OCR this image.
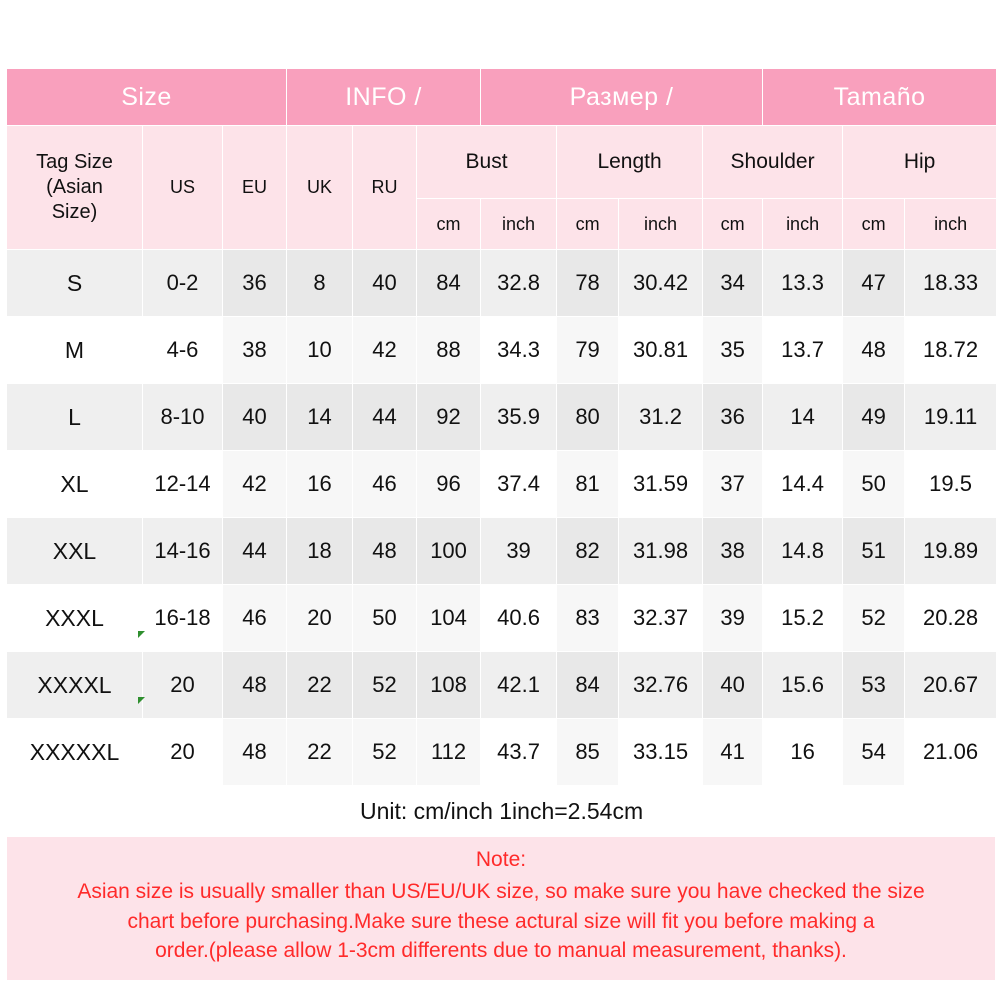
Size			INFO /			Размер /				Tamaño		
Tag Size
(Asian
Size)	US	EU	UK	RU	Bust		Length		Shoulder		Hip	
					cm	inch	cm	inch	cm	inch	cm	inch
S	0-2	36	8	40	84	32.8	78	30.42	34	13.3	47	18.33
M	4-6	38	10	42	88	34.3	79	30.81	35	13.7	48	18.72
L	8-10	40	14	44	92	35.9	80	31.2	36	14	49	19.11
XL	12-14	42	16	46	96	37.4	81	31.59	37	14.4	50	19.5
XXL	14-16	44	18	48	100	39	82	31.98	38	14.8	51	19.89
XXXL	16-18	46	20	50	104	40.6	83	32.37	39	15.2	52	20.28
XXXXL	20	48	22	52	108	42.1	84	32.76	40	15.6	53	20.67
XXXXXL	20	48	22	52	112	43.7	85	33.15	41	16	54	21.06
Unit: cm/inch 1inch=2.54cm												
Note:
Asian size is usually smaller than US/EU/UK size, so make sure you have checked the size
chart before purchasing.Make sure these actural size will fit you before making a
order.(please allow 1-3cm differents due to manual measurement, thanks).
